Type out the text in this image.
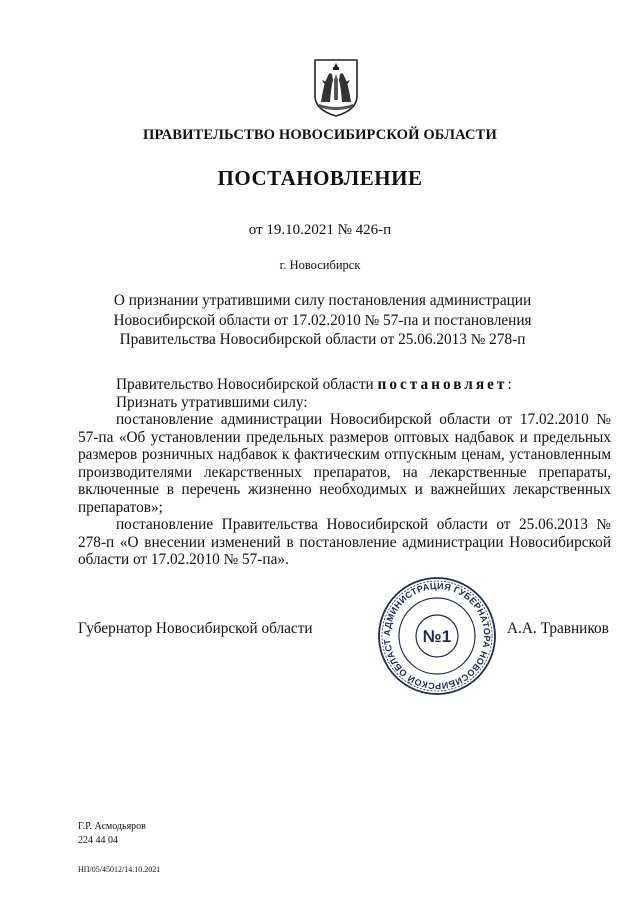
ПРАВИТЕЛЬСТВО НОВОСИБИРСКОЙ ОБЛАСТИ
ПОСТАНОВЛЕНИЕ
от 19.10.2021 № 426-п
г. Новосибирск
О признании утратившими силу постановления администрации Новосибирской области от 17.02.2010 № 57-па и постановления Правительства Новосибирской области от 25.06.2013 № 278-п
Правительство Новосибирской области постановляет:
Признать утратившими силу:
постановление администрации Новосибирской области от 17.02.2010 № 57-па «Об установлении предельных размеров оптовых надбавок и предельных размеров розничных надбавок к фактическим отпускным ценам, установленным производителями лекарственных препаратов, на лекарственные препараты, включенные в перечень жизненно необходимых и важнейших лекарственных препаратов»;
постановление Правительства Новосибирской области от 25.06.2013 № 278-п «О внесении изменений в постановление администрации Новосибирской области от 17.02.2010 № 57-па».
Губернатор Новосибирской области	АДМИНИСТРАЦИЯ ГУБЕРНАТОРА НОВОСИБИРСКОЙ ОБЛАСТ	№1	А.А. Травников
Г.Р. Асмодьяров
224 44 04
НП/05/45012/14.10.2021
